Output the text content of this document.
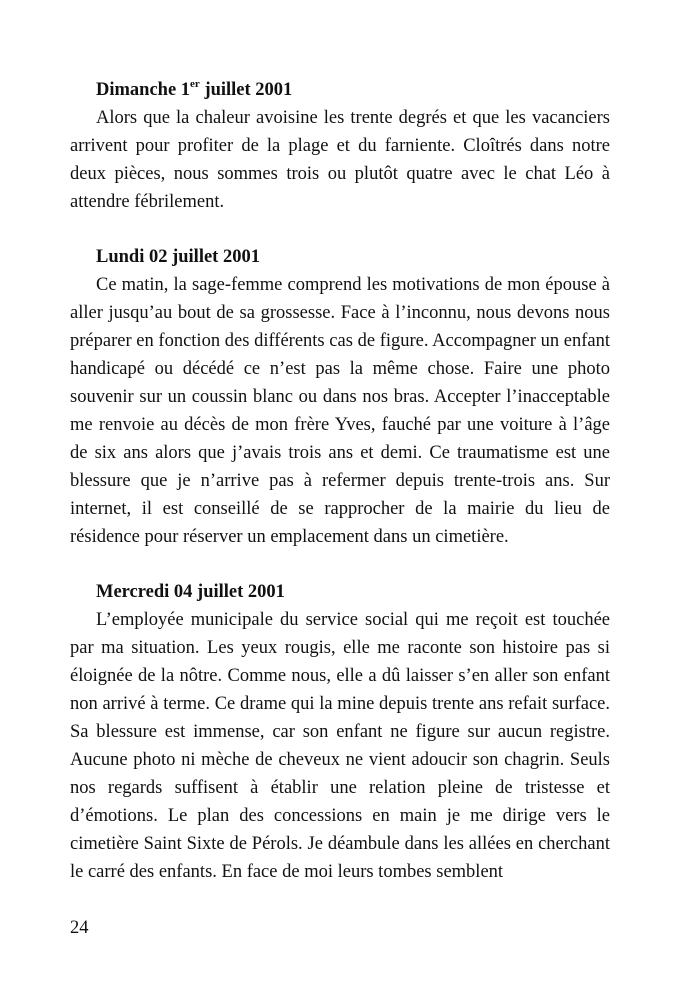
Dimanche 1er juillet 2001

Alors que la chaleur avoisine les trente degrés et que les vacanciers arrivent pour profiter de la plage et du farniente. Cloîtrés dans notre deux pièces, nous sommes trois ou plutôt quatre avec le chat Léo à attendre fébrilement.

Lundi 02 juillet 2001

Ce matin, la sage-femme comprend les motivations de mon épouse à aller jusqu’au bout de sa grossesse. Face à l’inconnu, nous devons nous préparer en fonction des différents cas de figure. Accompagner un enfant handicapé ou décédé ce n’est pas la même chose. Faire une photo souvenir sur un coussin blanc ou dans nos bras. Accepter l’inacceptable me renvoie au décès de mon frère Yves, fauché par une voiture à l’âge de six ans alors que j’avais trois ans et demi. Ce traumatisme est une blessure que je n’arrive pas à refermer depuis trente-trois ans. Sur internet, il est conseillé de se rapprocher de la mairie du lieu de résidence pour réserver un emplacement dans un cimetière.

Mercredi 04 juillet 2001

L’employée municipale du service social qui me reçoit est touchée par ma situation. Les yeux rougis, elle me raconte son histoire pas si éloignée de la nôtre. Comme nous, elle a dû laisser s’en aller son enfant non arrivé à terme. Ce drame qui la mine depuis trente ans refait surface. Sa blessure est immense, car son enfant ne figure sur aucun registre. Aucune photo ni mèche de cheveux ne vient adoucir son chagrin. Seuls nos regards suffisent à établir une relation pleine de tristesse et d’émotions. Le plan des concessions en main je me dirige vers le cimetière Saint Sixte de Pérols. Je déambule dans les allées en cherchant le carré des enfants. En face de moi leurs tombes semblent

24
